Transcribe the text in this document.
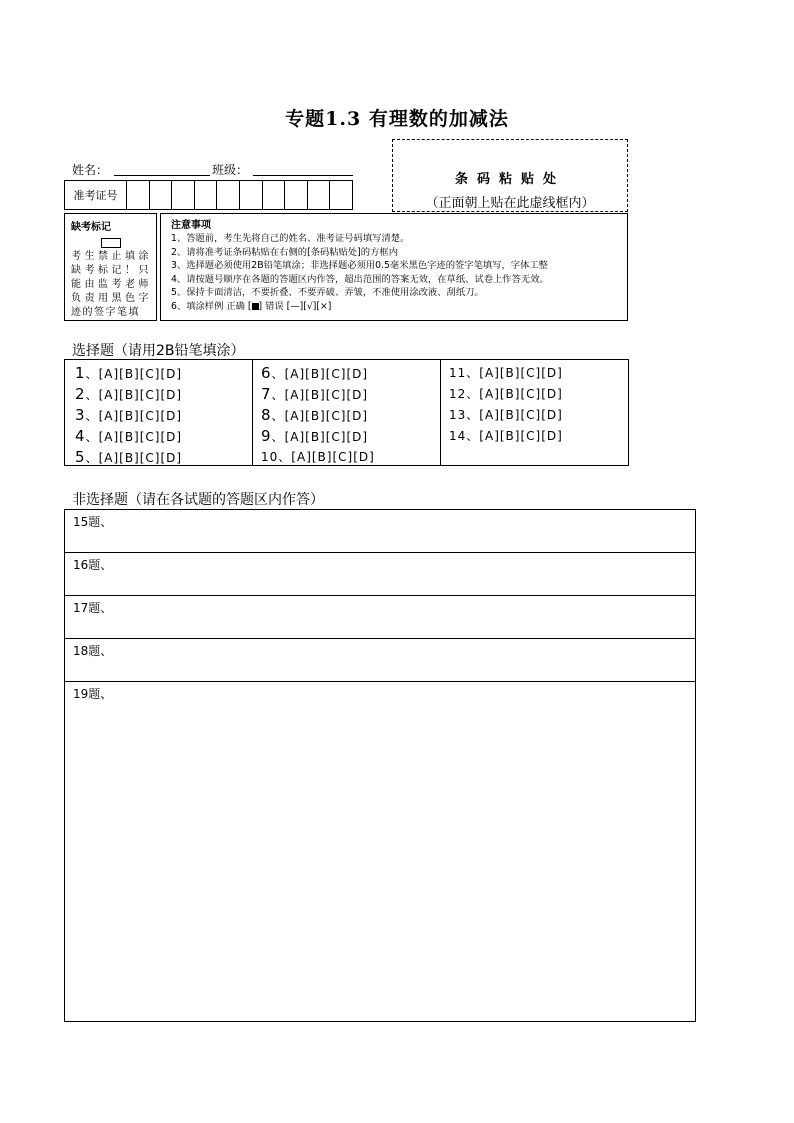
专题1.3 有理数的加减法
姓名：	班级：
准考证号
条码粘贴处
（正面朝上贴在此虚线框内）
缺考标记
考生禁止填涂缺考标记！只能由监考老师负责用黑色字迹的签字笔填
注意事项
1、答题前，考生先将自己的姓名、准考证号码填写清楚。
2、请将准考证条码粘贴在右侧的[条码粘贴处]的方框内
3、选择题必须使用2B铅笔填涂；非选择题必须用0.5毫米黑色字迹的签字笔填写，字体工整
4、请按题号顺序在各题的答题区内作答，超出范围的答案无效，在草纸、试卷上作答无效。
5、保持卡面清洁，不要折叠、不要弄破、弄皱，不准使用涂改液、刮纸刀。
6、填涂样例 正确 [ ] 错误 [—][√][×]
选择题（请用2B铅笔填涂）
1、[A][B][C][D]
2、[A][B][C][D]
3、[A][B][C][D]
4、[A][B][C][D]
5、[A][B][C][D]
6、[A][B][C][D]
7、[A][B][C][D]
8、[A][B][C][D]
9、[A][B][C][D]
10、[A][B][C][D]
11、[A][B][C][D]
12、[A][B][C][D]
13、[A][B][C][D]
14、[A][B][C][D]
非选择题（请在各试题的答题区内作答）
15题、
16题、
17题、
18题、
19题、
